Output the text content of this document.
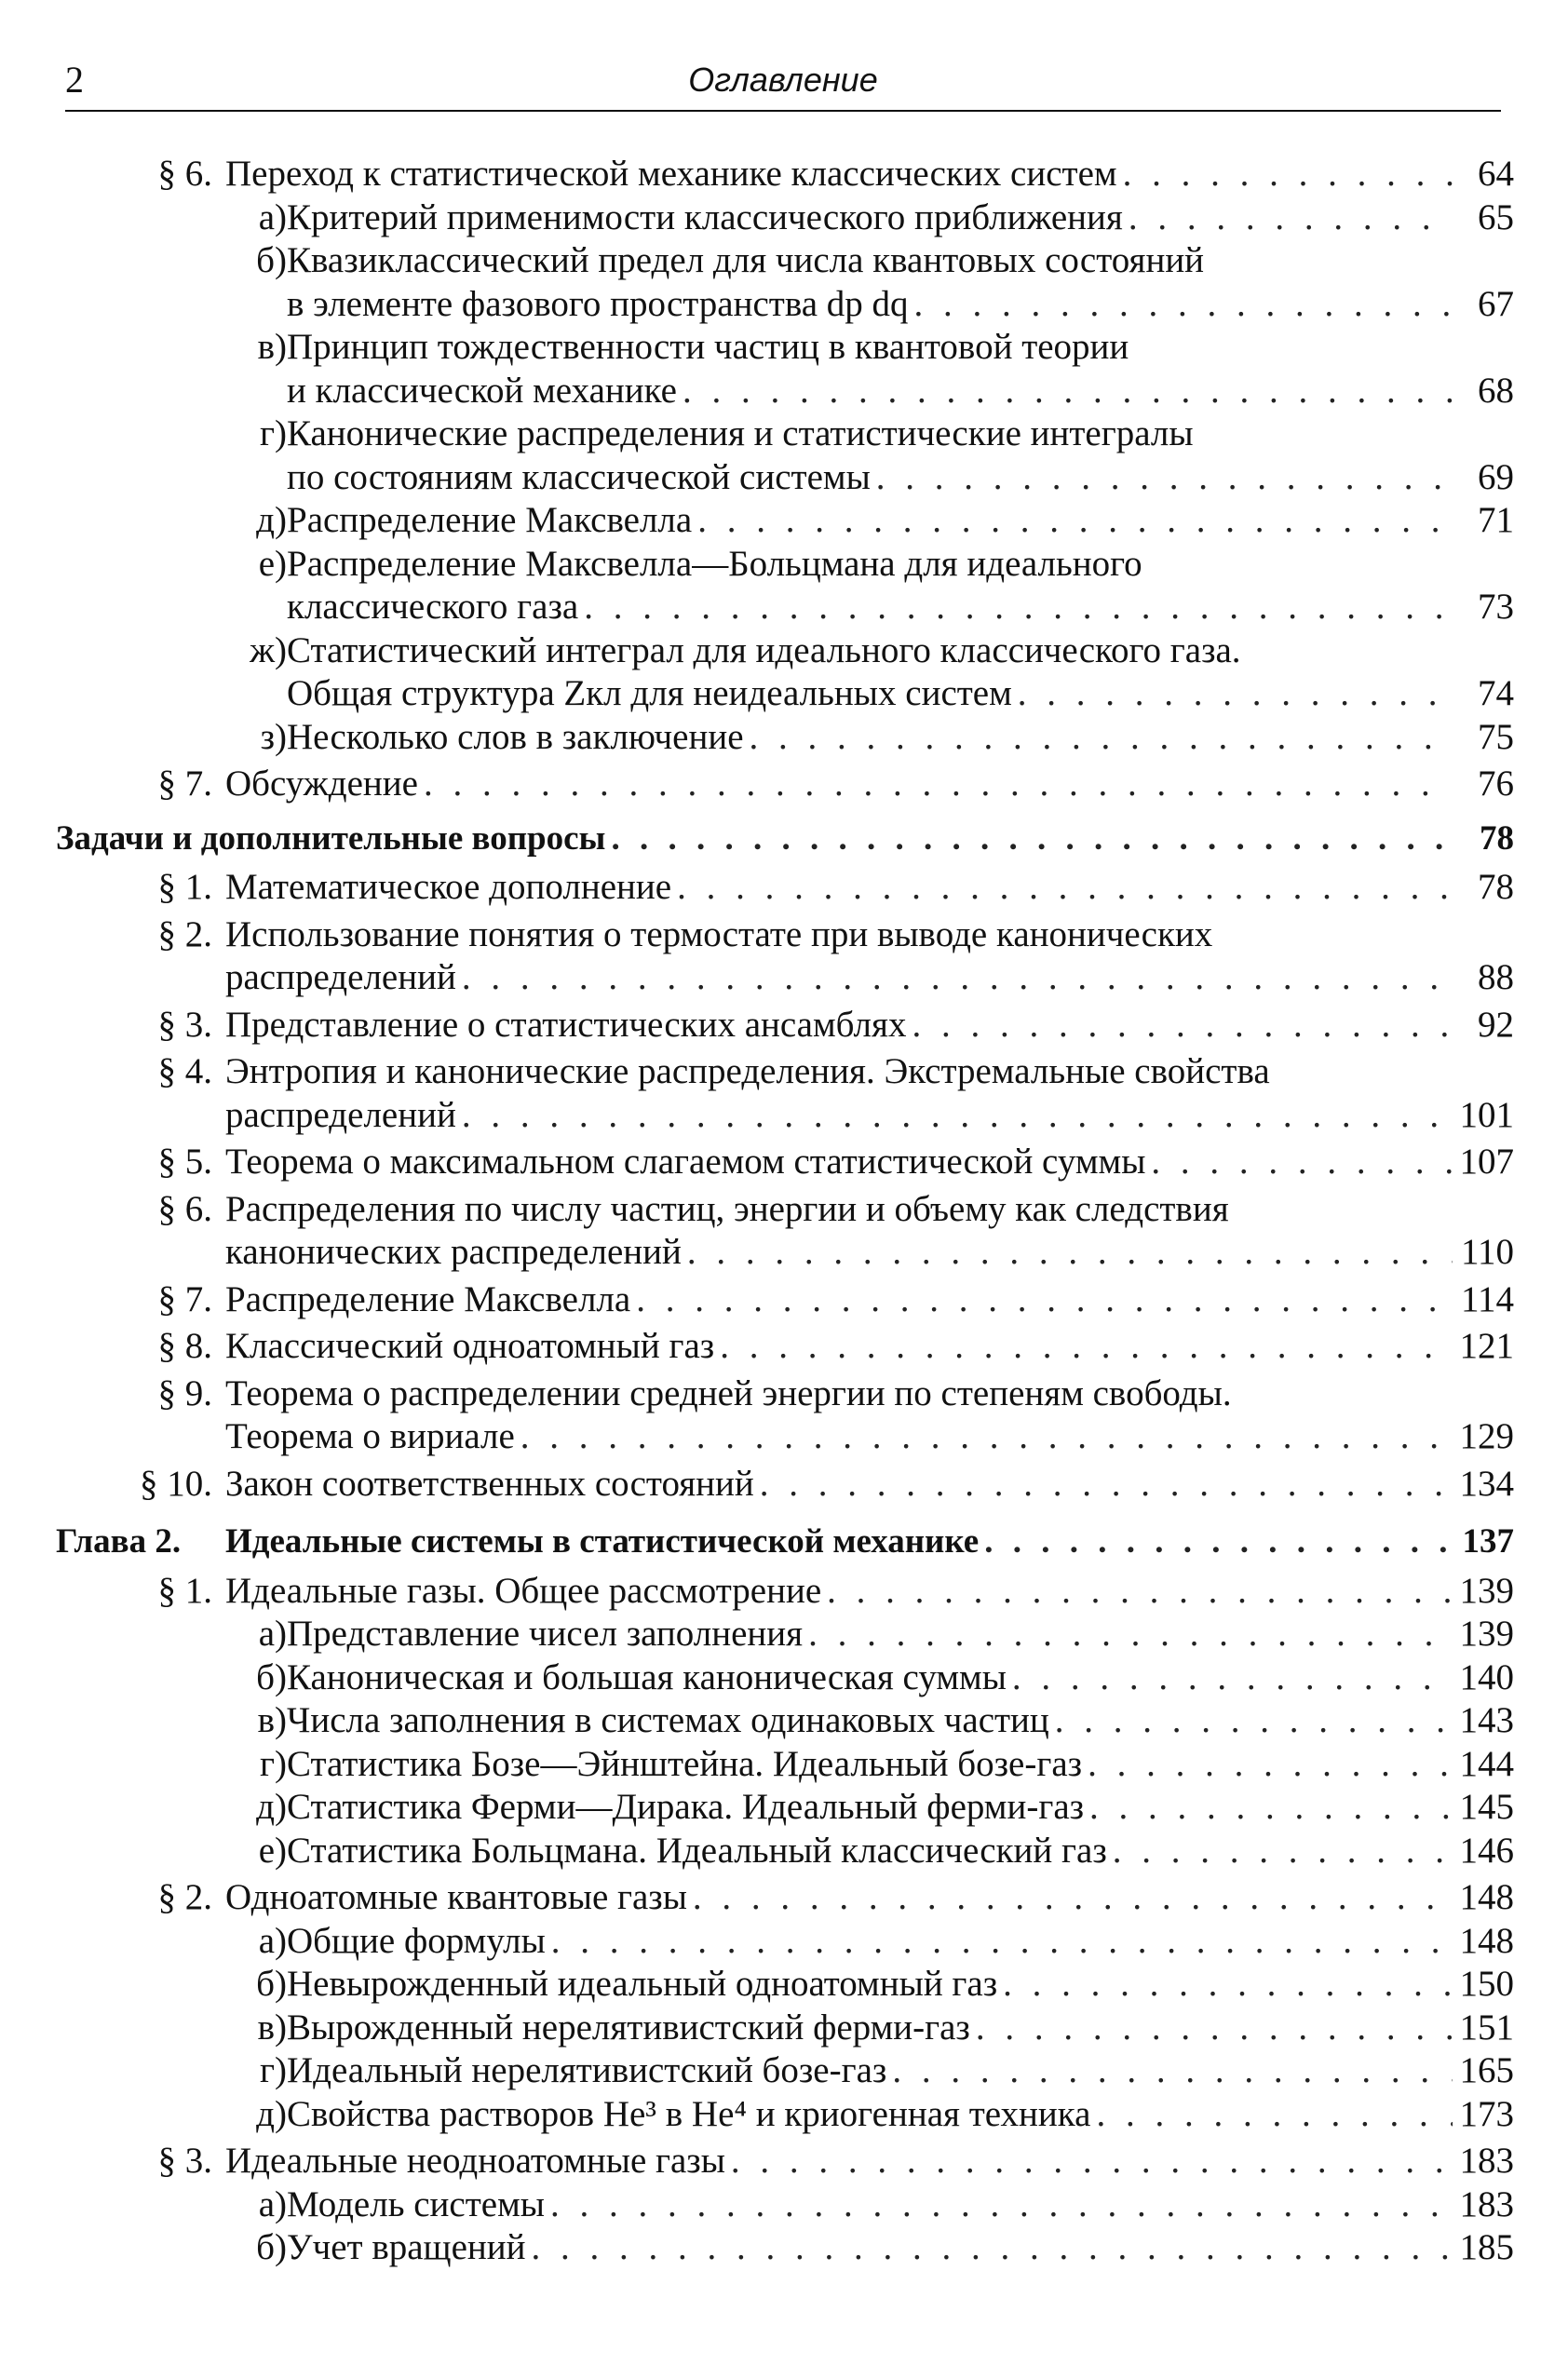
2	Оглавление
§ 6. Переход к статистической механике классических систем . . .	64
а) Критерий применимости классического приближения . . .	65
б) Квазиклассический предел для числа квантовых состояний
в элементе фазового пространства dp dq . . .	67
в) Принцип тождественности частиц в квантовой теории
и классической механике . . .	68
г) Канонические распределения и статистические интегралы
по состояниям классической системы . . .	69
д) Распределение Максвелла . . .	71
е) Распределение Максвелла—Больцмана для идеального
классического газа . . .	73
ж) Статистический интеграл для идеального классического газа.
Общая структура Zкл для неидеальных систем . . .	74
з) Несколько слов в заключение . . .	75
§ 7. Обсуждение . . .	76
Задачи и дополнительные вопросы . . .	78
§ 1. Математическое дополнение . . .	78
§ 2. Использование понятия о термостате при выводе канонических
распределений . . .	88
§ 3. Представление о статистических ансамблях . . .	92
§ 4. Энтропия и канонические распределения. Экстремальные свойства
распределений . . .	101
§ 5. Теорема о максимальном слагаемом статистической суммы . . .	107
§ 6. Распределения по числу частиц, энергии и объему как следствия
канонических распределений . . .	110
§ 7. Распределение Максвелла . . .	114
§ 8. Классический одноатомный газ . . .	121
§ 9. Теорема о распределении средней энергии по степеням свободы.
Теорема о вириале . . .	129
§ 10. Закон соответственных состояний . . .	134
Глава 2.	Идеальные системы в статистической механике . . .	137
§ 1. Идеальные газы. Общее рассмотрение . . .	139
а) Представление чисел заполнения . . .	139
б) Каноническая и большая каноническая суммы . . .	140
в) Числа заполнения в системах одинаковых частиц . . .	143
г) Статистика Бозе—Эйнштейна. Идеальный бозе-газ . . .	144
д) Статистика Ферми—Дирака. Идеальный ферми-газ . . .	145
е) Статистика Больцмана. Идеальный классический газ . . .	146
§ 2. Одноатомные квантовые газы . . .	148
а) Общие формулы . . .	148
б) Невырожденный идеальный одноатомный газ . . .	150
в) Вырожденный нерелятивистский ферми-газ . . .	151
г) Идеальный нерелятивистский бозе-газ . . .	165
д) Свойства растворов He³ в He⁴ и криогенная техника . . .	173
§ 3. Идеальные неодноатомные газы . . .	183
а) Модель системы . . .	183
б) Учет вращений . . .	185
